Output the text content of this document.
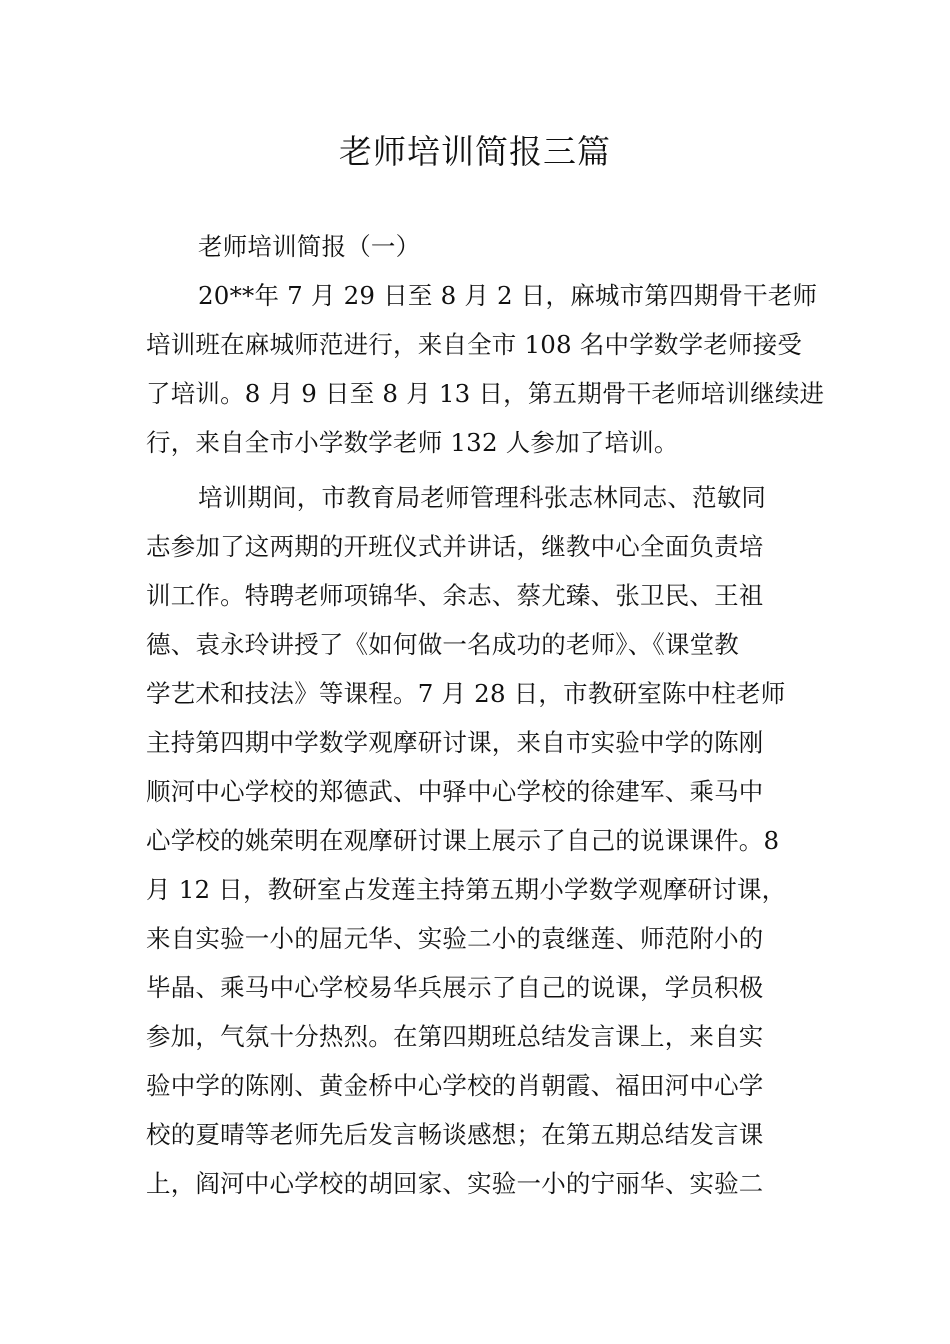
老师培训简报三篇
老师培训简报（一）
20**年 7 月 29 日至 8 月 2 日，麻城市第四期骨干老师
培训班在麻城师范进行，来自全市 108 名中学数学老师接受
了培训。8 月 9 日至 8 月 13 日，第五期骨干老师培训继续进
行，来自全市小学数学老师 132 人参加了培训。
培训期间，市教育局老师管理科张志林同志、范敏同
志参加了这两期的开班仪式并讲话，继教中心全面负责培
训工作。特聘老师项锦华、余志、蔡尤臻、张卫民、王祖
德、袁永玲讲授了《如何做一名成功的老师》、《课堂教
学艺术和技法》等课程。7 月 28 日，市教研室陈中柱老师
主持第四期中学数学观摩研讨课，来自市实验中学的陈刚
顺河中心学校的郑德武、中驿中心学校的徐建军、乘马中
心学校的姚荣明在观摩研讨课上展示了自己的说课课件。8
月 12 日，教研室占发莲主持第五期小学数学观摩研讨课，
来自实验一小的屈元华、实验二小的袁继莲、师范附小的
毕晶、乘马中心学校易华兵展示了自己的说课，学员积极
参加，气氛十分热烈。在第四期班总结发言课上，来自实
验中学的陈刚、黄金桥中心学校的肖朝霞、福田河中心学
校的夏晴等老师先后发言畅谈感想；在第五期总结发言课
上，阎河中心学校的胡回家、实验一小的宁丽华、实验二
